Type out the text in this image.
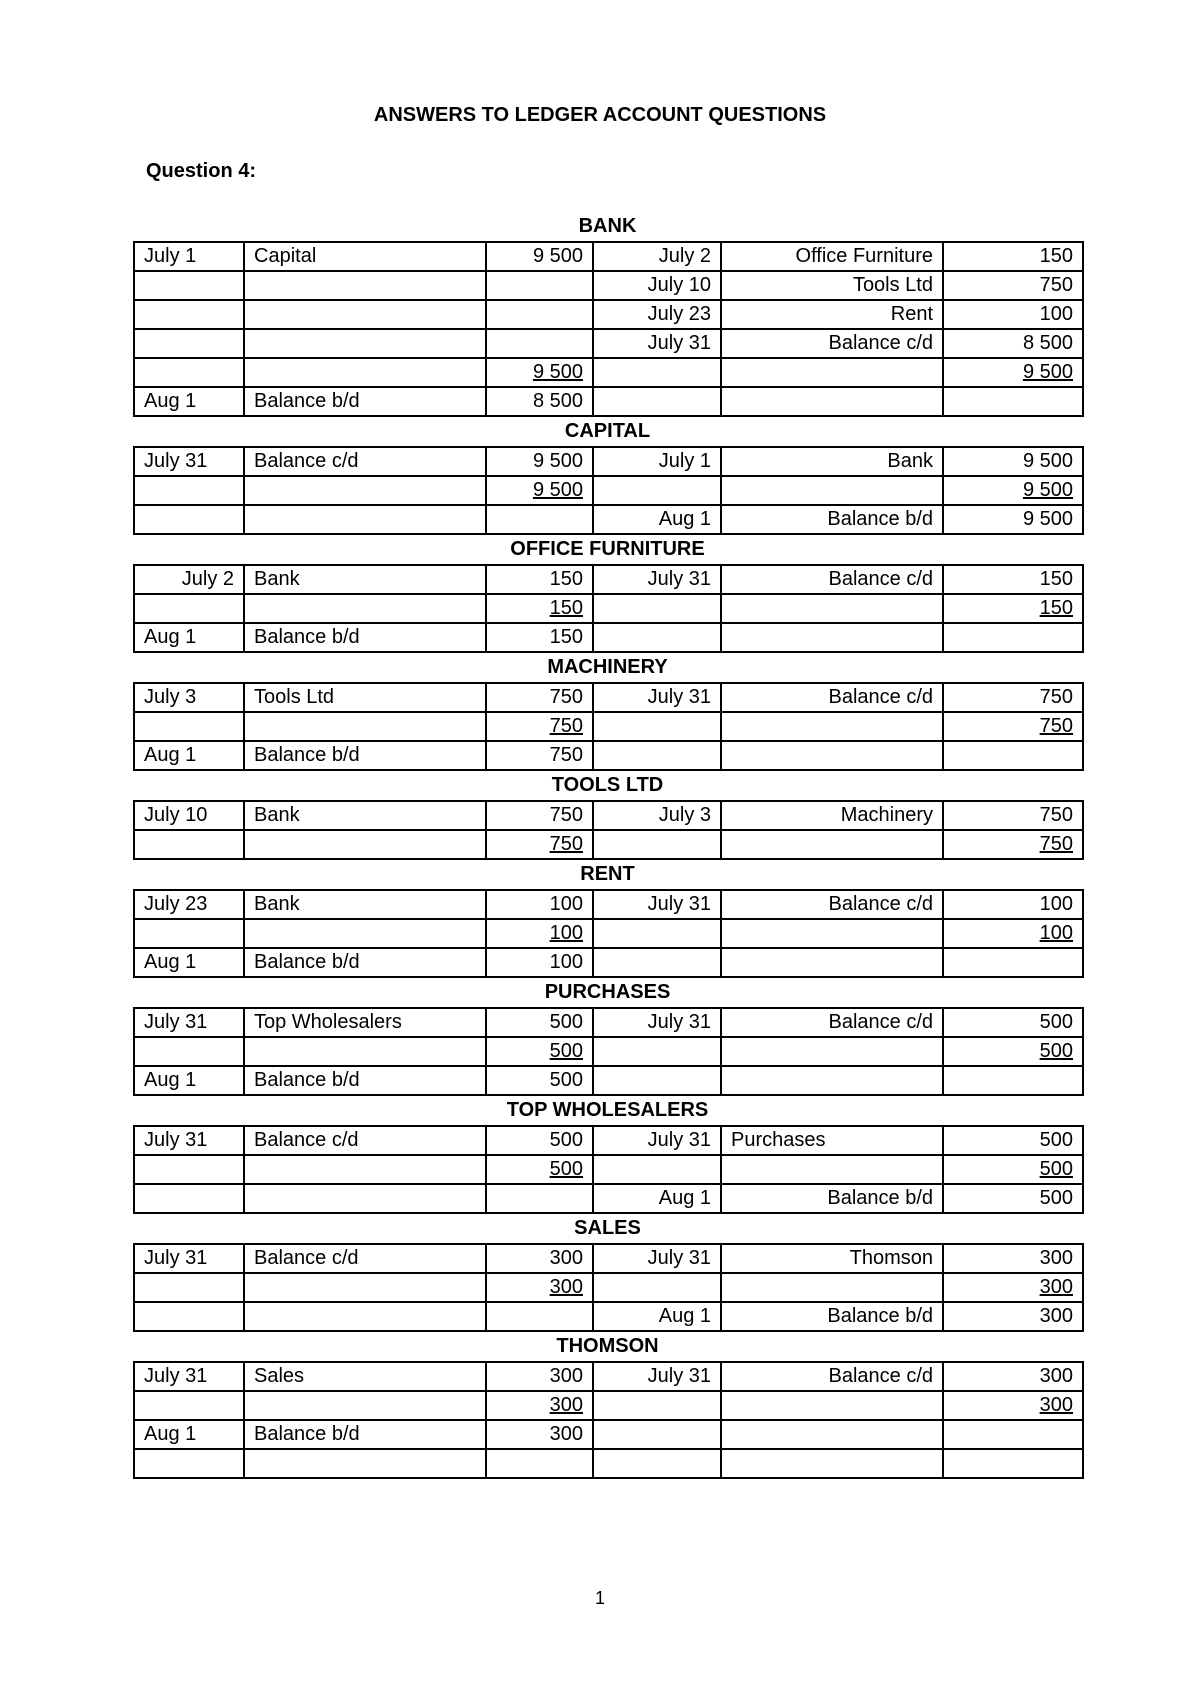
ANSWERS TO LEDGER ACCOUNT QUESTIONS
Question 4:
BANK
July 1	Capital	9 500	July 2	Office Furniture	150
			July 10	Tools Ltd	750
			July 23	Rent	100
			July 31	Balance c/d	8 500
		9 500			9 500
Aug 1	Balance b/d	8 500			
CAPITAL
July 31	Balance c/d	9 500	July 1	Bank	9 500
		9 500			9 500
			Aug 1	Balance b/d	9 500
OFFICE FURNITURE
July 2	Bank	150	July 31	Balance c/d	150
		150			150
Aug 1	Balance b/d	150			
MACHINERY
July 3	Tools Ltd	750	July 31	Balance c/d	750
		750			750
Aug 1	Balance b/d	750			
TOOLS LTD
July 10	Bank	750	July 3	Machinery	750
		750			750
RENT
July 23	Bank	100	July 31	Balance c/d	100
		100			100
Aug 1	Balance b/d	100			
PURCHASES
July 31	Top Wholesalers	500	July 31	Balance c/d	500
		500			500
Aug 1	Balance b/d	500			
TOP WHOLESALERS
July 31	Balance c/d	500	July 31	Purchases	500
		500			500
			Aug 1	Balance b/d	500
SALES
July 31	Balance c/d	300	July 31	Thomson	300
		300			300
			Aug 1	Balance b/d	300
THOMSON
July 31	Sales	300	July 31	Balance c/d	300
		300			300
Aug 1	Balance b/d	300			

1
